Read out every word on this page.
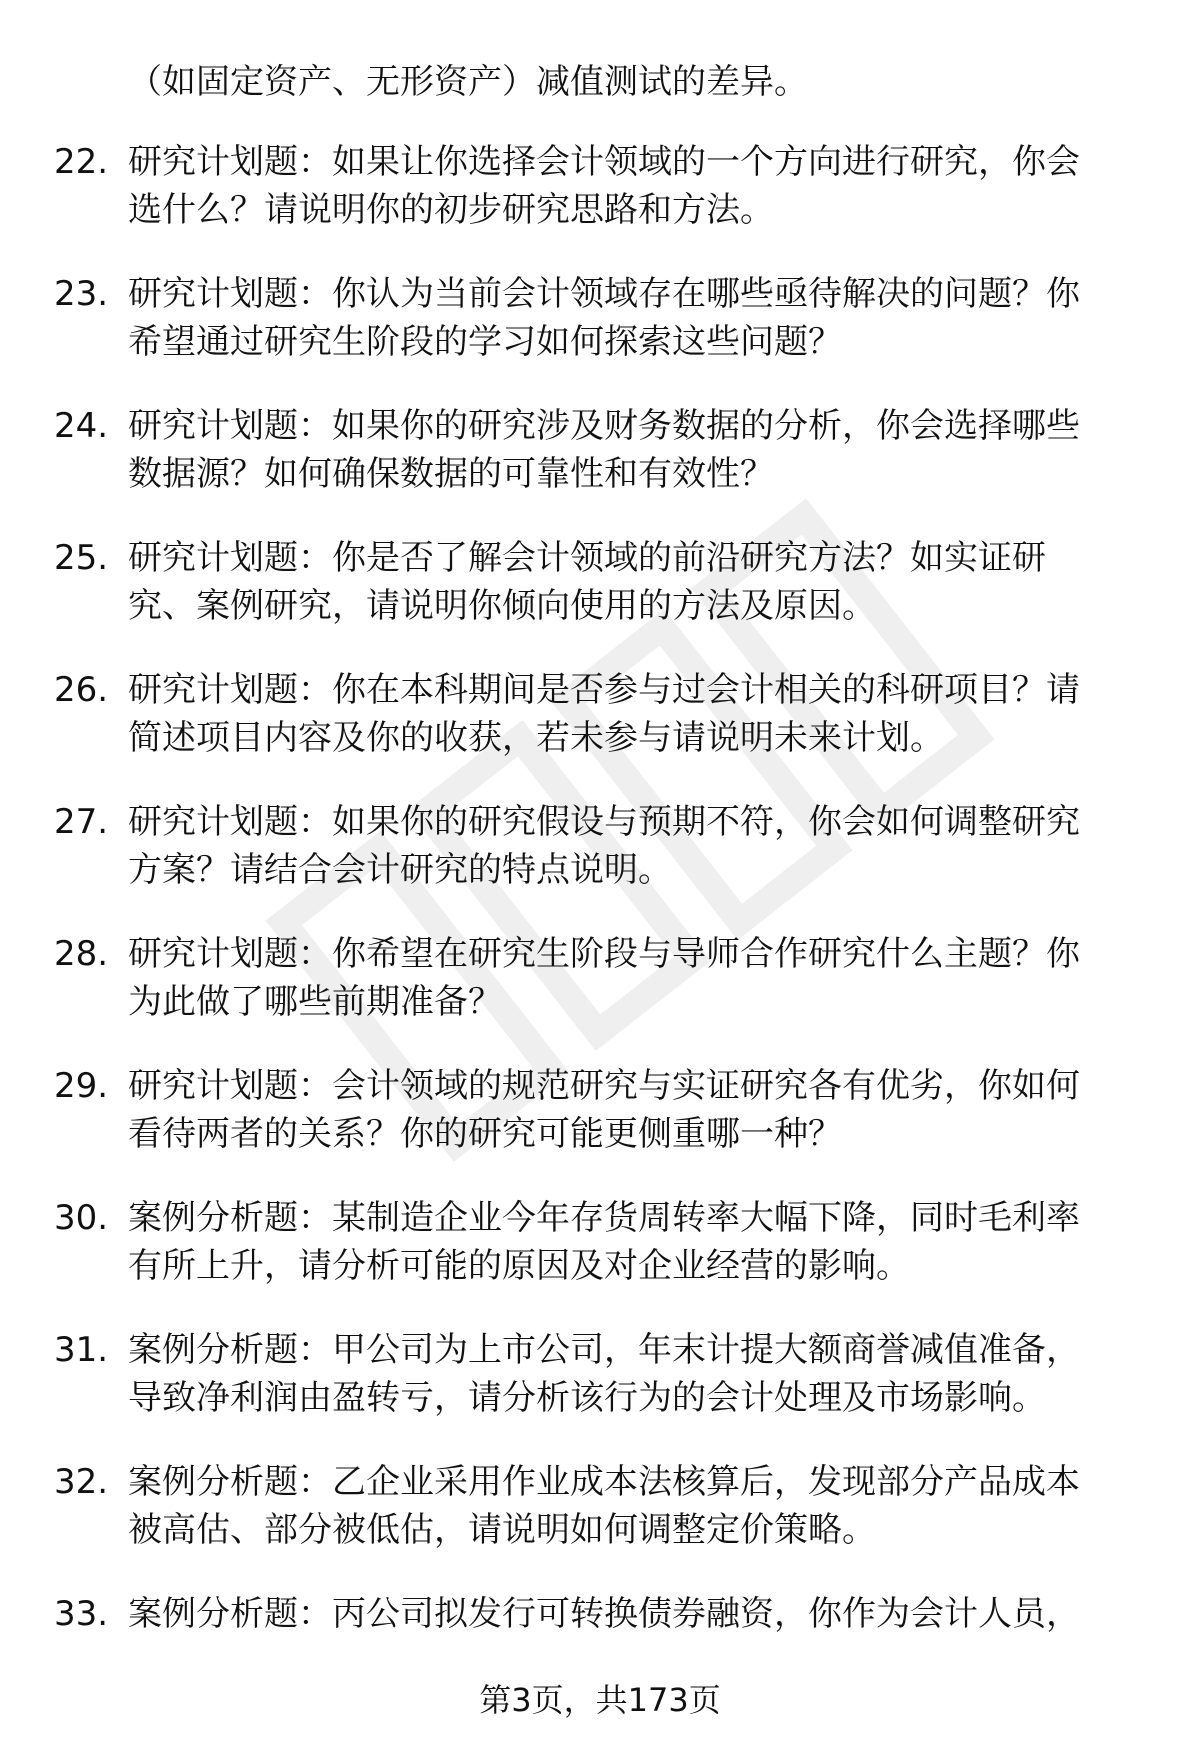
（如固定资产、无形资产）减值测试的差异。

22. 研究计划题：如果让你选择会计领域的一个方向进行研究，你会
选什么？请说明你的初步研究思路和方法。
23. 研究计划题：你认为当前会计领域存在哪些亟待解决的问题？你
希望通过研究生阶段的学习如何探索这些问题？
24. 研究计划题：如果你的研究涉及财务数据的分析，你会选择哪些
数据源？如何确保数据的可靠性和有效性？
25. 研究计划题：你是否了解会计领域的前沿研究方法？如实证研
究、案例研究，请说明你倾向使用的方法及原因。
26. 研究计划题：你在本科期间是否参与过会计相关的科研项目？请
简述项目内容及你的收获，若未参与请说明未来计划。
27. 研究计划题：如果你的研究假设与预期不符，你会如何调整研究
方案？请结合会计研究的特点说明。
28. 研究计划题：你希望在研究生阶段与导师合作研究什么主题？你
为此做了哪些前期准备？
29. 研究计划题：会计领域的规范研究与实证研究各有优劣，你如何
看待两者的关系？你的研究可能更侧重哪一种？
30. 案例分析题：某制造企业今年存货周转率大幅下降，同时毛利率
有所上升，请分析可能的原因及对企业经营的影响。
31. 案例分析题：甲公司为上市公司，年末计提大额商誉减值准备，
导致净利润由盈转亏，请分析该行为的会计处理及市场影响。
32. 案例分析题：乙企业采用作业成本法核算后，发现部分产品成本
被高估、部分被低估，请说明如何调整定价策略。
33. 案例分析题：丙公司拟发行可转换债券融资，你作为会计人员，
第3页，共173页
